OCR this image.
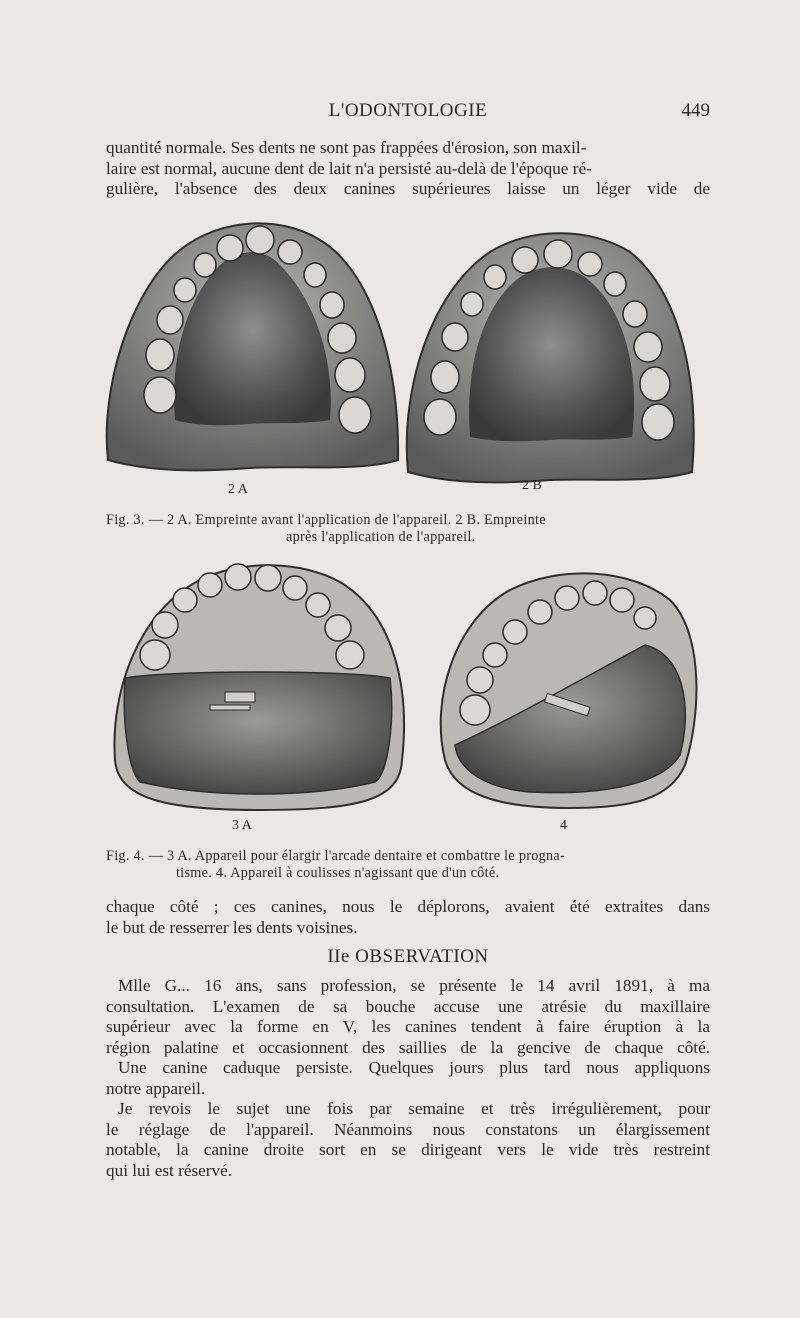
L'ODONTOLOGIE	449

quantité normale. Ses dents ne sont pas frappées d'érosion, son maxil-

laire est normal, aucune dent de lait n'a persisté au-delà de l'époque ré-

gulière, l'absence des deux canines supérieures laisse un léger vide de

2 A	2 B
Fig. 3. — 2 A. Empreinte avant l'application de l'appareil. 2 B. Empreinte
après l'application de l'appareil.
3 A	4
Fig. 4. — 3 A. Appareil pour élargir l'arcade dentaire et combattre le progna-
tisme. 4. Appareil à coulisses n'agissant que d'un côté.

chaque côté ; ces canines, nous le déplorons, avaient été extraites dans

le but de resserrer les dents voisines.

IIe OBSERVATION

Mlle G... 16 ans, sans profession, se présente le 14 avril 1891, à ma

consultation. L'examen de sa bouche accuse une atrésie du maxillaire

supérieur avec la forme en V, les canines tendent à faire éruption à la

région palatine et occasionnent des saillies de la gencive de chaque côté.

Une canine caduque persiste. Quelques jours plus tard nous appliquons

notre appareil.

Je revois le sujet une fois par semaine et très irrégulièrement, pour

le réglage de l'appareil. Néanmoins nous constatons un élargissement

notable, la canine droite sort en se dirigeant vers le vide très restreint

qui lui est réservé.
